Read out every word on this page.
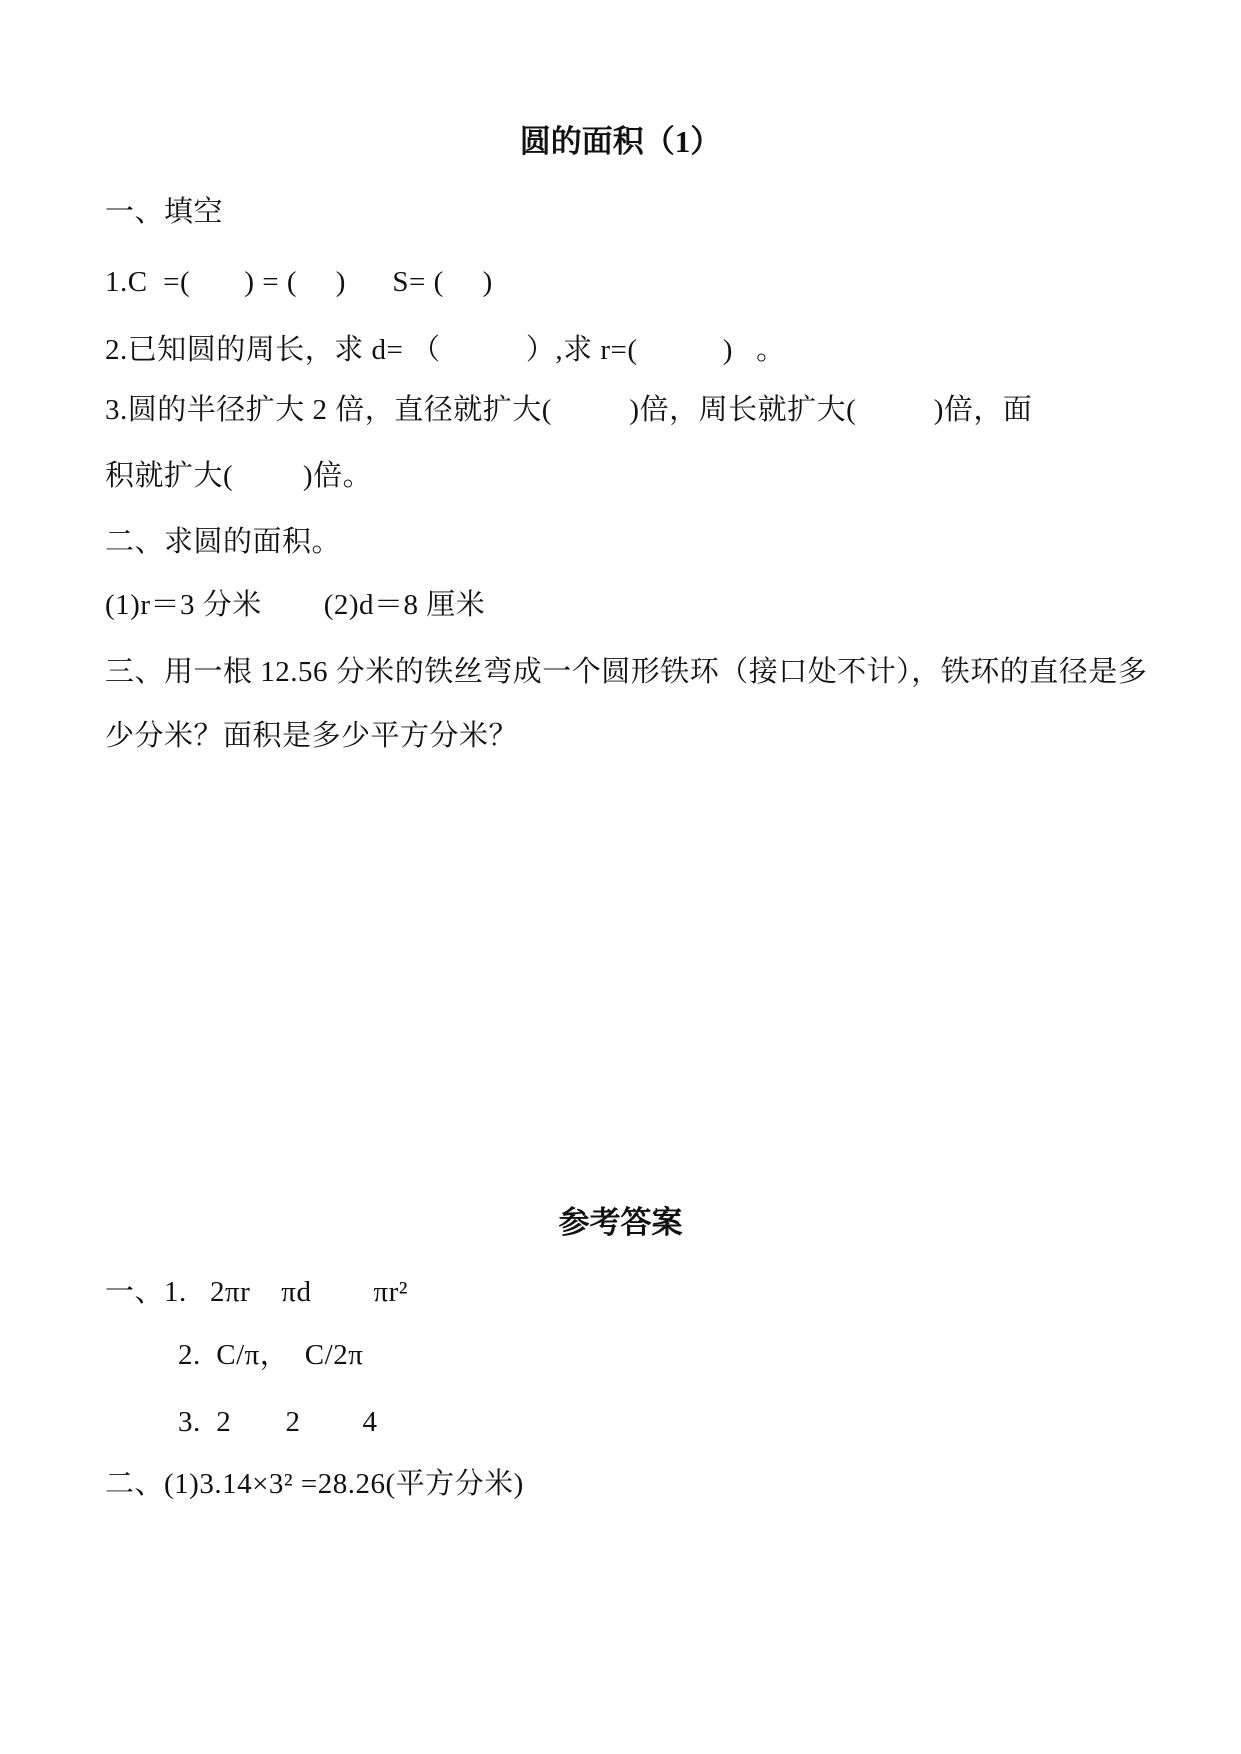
圆的面积（1）
一、填空
1.C  =(       ) = (     )      S= (     )
2.已知圆的周长，求 d= （           ）,求 r=(           )   。
3.圆的半径扩大 2 倍，直径就扩大(          )倍，周长就扩大(          )倍，面
积就扩大(         )倍。
二、求圆的面积。
(1)r＝3 分米        (2)d＝8 厘米
三、用一根 12.56 分米的铁丝弯成一个圆形铁环（接口处不计），铁环的直径是多
少分米？面积是多少平方分米？
参考答案
一、1.   2πr    πd        πr²
2.  C/π，  C/2π
3.  2       2        4
二、(1)3.14×3² =28.26(平方分米)
